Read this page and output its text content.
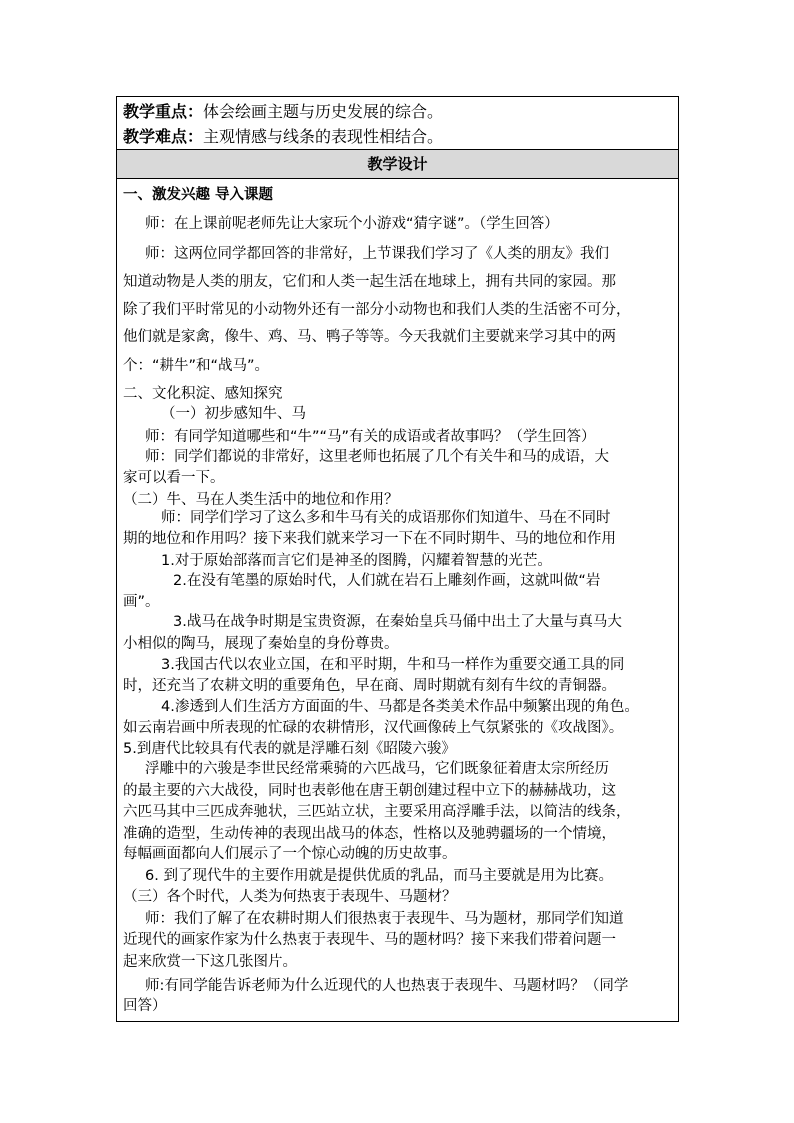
教学重点：体会绘画主题与历史发展的综合。
教学难点：主观情感与线条的表现性相结合。
教学设计
一、激发兴趣 导入课题
师：在上课前呢老师先让大家玩个小游戏“猜字谜”。（学生回答）
师：这两位同学都回答的非常好，上节课我们学习了《人类的朋友》我们
知道动物是人类的朋友，它们和人类一起生活在地球上，拥有共同的家园。那
除了我们平时常见的小动物外还有一部分小动物也和我们人类的生活密不可分，
他们就是家禽，像牛、鸡、马、鸭子等等。今天我就们主要就来学习其中的两
个：“耕牛”和“战马”。
二、文化积淀、感知探究
（一）初步感知牛、马
师：有同学知道哪些和“牛”“马”有关的成语或者故事吗？（学生回答）
师：同学们都说的非常好，这里老师也拓展了几个有关牛和马的成语，大
家可以看一下。
（二）牛、马在人类生活中的地位和作用？
师：同学们学习了这么多和牛马有关的成语那你们知道牛、马在不同时
期的地位和作用吗？接下来我们就来学习一下在不同时期牛、马的地位和作用
1.对于原始部落而言它们是神圣的图腾，闪耀着智慧的光芒。
2.在没有笔墨的原始时代，人们就在岩石上雕刻作画，这就叫做“岩
画”。
3.战马在战争时期是宝贵资源，在秦始皇兵马俑中出土了大量与真马大
小相似的陶马，展现了秦始皇的身份尊贵。
3.我国古代以农业立国，在和平时期，牛和马一样作为重要交通工具的同
时，还充当了农耕文明的重要角色，早在商、周时期就有刻有牛纹的青铜器。
4.渗透到人们生活方方面面的牛、马都是各类美术作品中频繁出现的角色。
如云南岩画中所表现的忙碌的农耕情形，汉代画像砖上气氛紧张的《攻战图》。
5.到唐代比较具有代表的就是浮雕石刻《昭陵六骏》
浮雕中的六骏是李世民经常乘骑的六匹战马，它们既象征着唐太宗所经历
的最主要的六大战役，同时也表彰他在唐王朝创建过程中立下的赫赫战功，这
六匹马其中三匹成奔驰状，三匹站立状，主要采用高浮雕手法，以简洁的线条，
准确的造型，生动传神的表现出战马的体态，性格以及驰骋疆场的一个情境，
每幅画面都向人们展示了一个惊心动魄的历史故事。
6. 到了现代牛的主要作用就是提供优质的乳品，而马主要就是用为比赛。
（三）各个时代，人类为何热衷于表现牛、马题材？
师：我们了解了在农耕时期人们很热衷于表现牛、马为题材，那同学们知道
近现代的画家作家为什么热衷于表现牛、马的题材吗？接下来我们带着问题一
起来欣赏一下这几张图片。
师:有同学能告诉老师为什么近现代的人也热衷于表现牛、马题材吗？（同学
回答）
